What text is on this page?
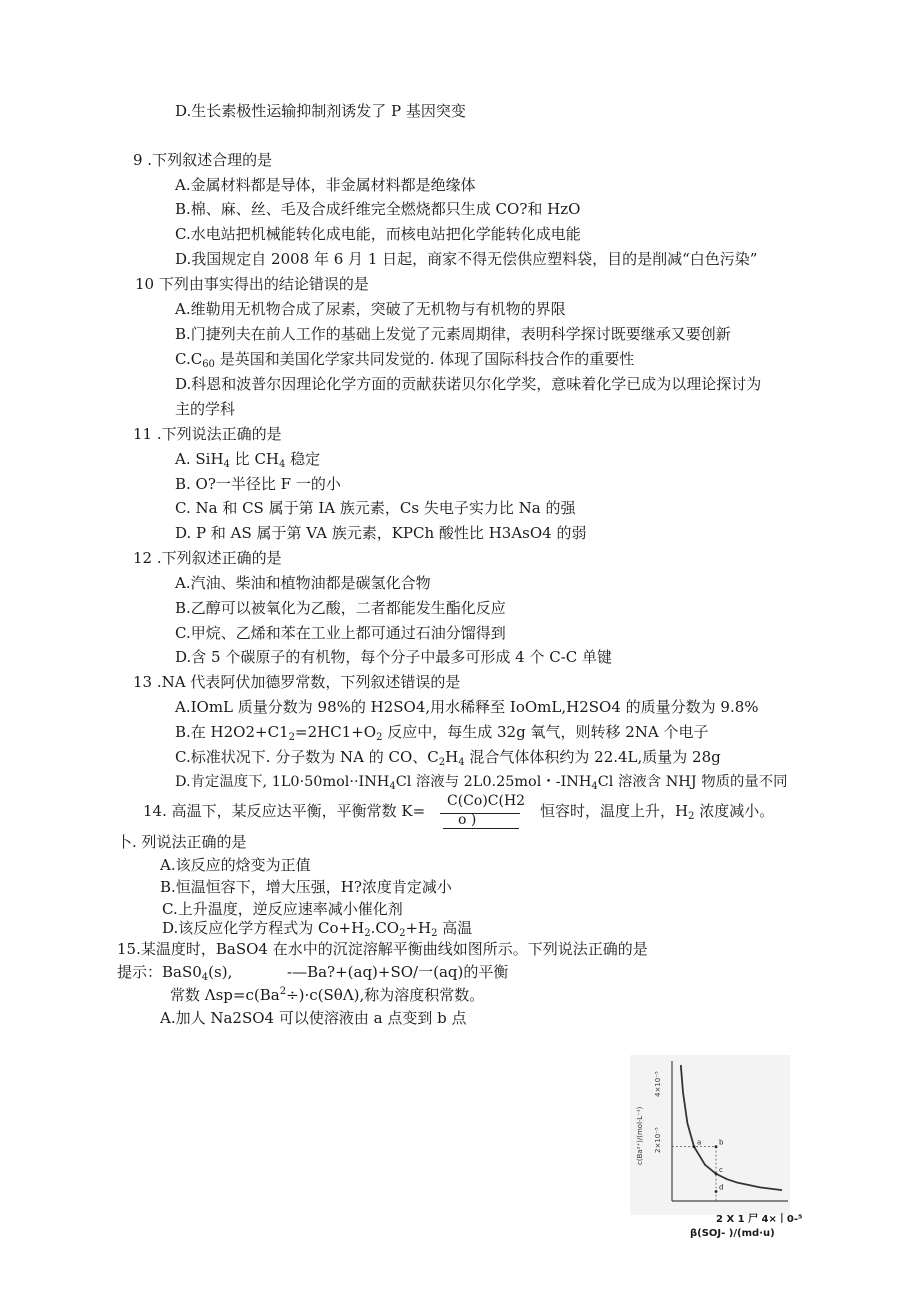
D.生长素极性运输抑制剂诱发了 P 基因突变
9 .下列叙述合理的是
A.金属材料都是导体，非金属材料都是绝缘体
B.棉、麻、丝、毛及合成纤维完全燃烧都只生成 CO?和 HzO
C.水电站把机械能转化成电能，而核电站把化学能转化成电能
D.我国规定自 2008 年 6 月 1 日起，商家不得无偿供应塑料袋，目的是削减“白色污染”
10 下列由事实得出的结论错误的是
A.维勒用无机物合成了尿素，突破了无机物与有机物的界限
B.门捷列夫在前人工作的基础上发觉了元素周期律，表明科学探讨既要继承又要创新
$C.C_{60}$ 是英国和美国化学家共同发觉的. 体现了国际科技合作的重要性
D.科恩和波普尔因理论化学方面的贡献获诺贝尔化学奖，意味着化学已成为以理论探讨为
主的学科
11 .下列说法正确的是
A. SiH$_4$ 比 $CH_4$ 稳定
B. O?一半径比 F 一的小
C. Na 和 CS 属于第 IA 族元素，Cs 失电子实力比 Na 的强
D. P 和 AS 属于第 VA 族元素，KPCh 酸性比 H3AsO4 的弱
12 .下列叙述正确的是
A.汽油、柴油和植物油都是碳氢化合物
B.乙醇可以被氧化为乙酸，二者都能发生酯化反应
C.甲烷、乙烯和苯在工业上都可通过石油分馏得到
D.含 5 个碳原子的有机物，每个分子中最多可形成 4 个 C-C 单键
13 .NA 代表阿伏加德罗常数，下列叙述错误的是
A.IOmL 质量分数为 98%的 H2SO4,用水稀释至 IoOmL,H2SO4 的质量分数为 9.8%
B.在 $H2O2+C1_2=2HC1+O_2$ 反应中，每生成 32g 氧气，则转移 2NA 个电子
C.标准状况下. 分子数为 NA 的 CO、$C_2H_4$ 混合气体体积约为 22.4L,质量为 28g
D.肯定温度下, $1L0\cdot 50mol\cdot\cdot INH_4Cl$ 溶液与 2L0.25mol・$-INH_4Cl$ 溶液含 NHJ 物质的量不同
14. 高温下，某反应达平衡，平衡常数 K=
C(Co)C(H2
o )	恒容时，温度上升，$H_2$ 浓度减小。
卜. 列说法正确的是
A.该反应的焓变为正值
B.恒温恒容下，增大压强，H?浓度肯定减小
C.上升温度，逆反应速率减小催化剂
D.该反应化学方程式为 $Co+H_2.CO_2+H_2$ 高温
15.某温度时，BaSO4 在水中的沉淀溶解平衡曲线如图所示。下列说法正确的是
提示：$BaS0_4(s)$,	-—Ba?+(aq)+SO/一(aq)的平衡
常数 $\Lambda sp=c(Ba^2\div)\cdot c(S\theta\Lambda)$,称为溶度积常数。
A.加人 Na2SO4 可以使溶液由 a 点变到 b 点
a	b
c
d
c(Ba²⁺)/(mol·L⁻¹)
4×10⁻⁵
2×10⁻⁵
2 X 1 尸 4×丨0-⁵
β(SOJ- )/(md·u)
